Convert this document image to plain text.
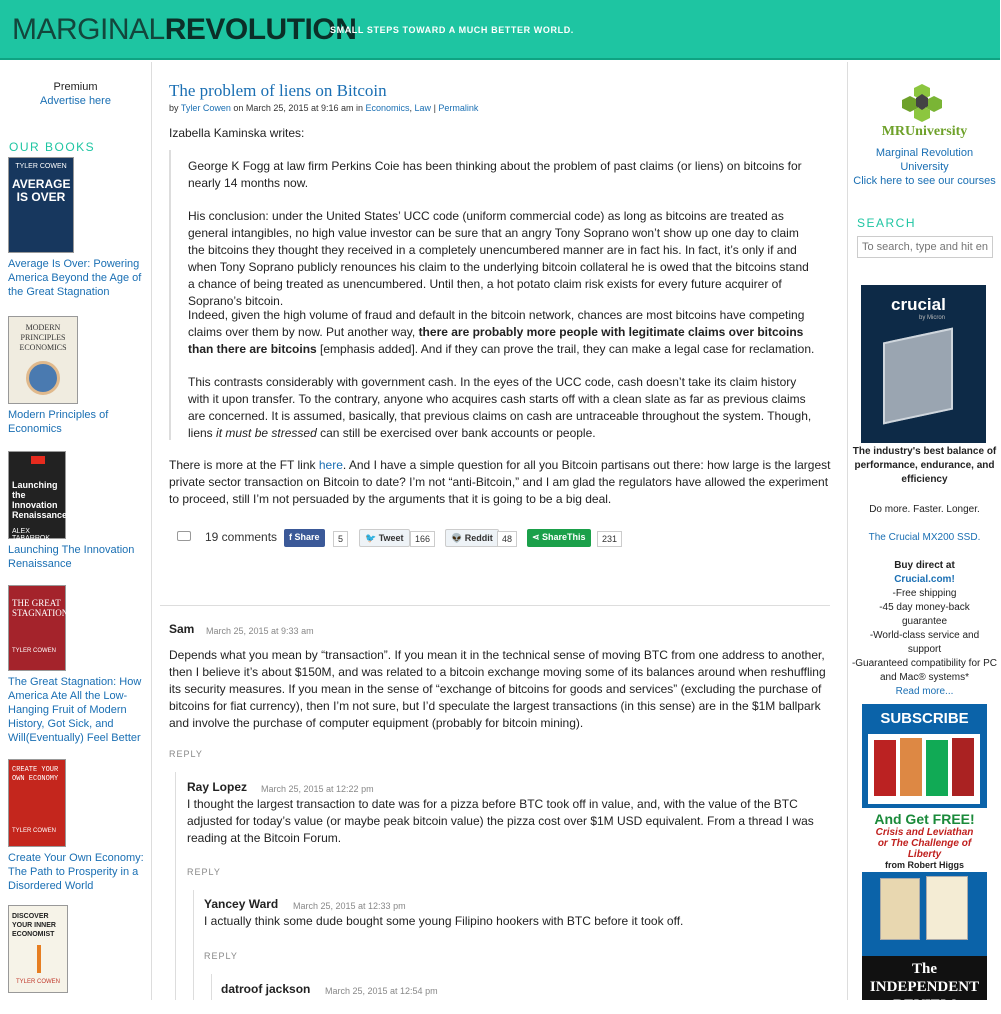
MARGINALREVOLUTION
SMALL STEPS TOWARD A MUCH BETTER WORLD.
Premium
Advertise here
OUR BOOKS
TYLER COWEN
AVERAGE IS OVER
Average Is Over: Powering America Beyond the Age of the Great Stagnation
MODERN PRINCIPLES ECONOMICS
Modern Principles of Economics
Launching the Innovation Renaissance
ALEX TABARROK
Launching The Innovation Renaissance
THE GREAT STAGNATION
TYLER COWEN
The Great Stagnation: How America Ate All the Low-Hanging Fruit of Modern History, Got Sick, and Will(Eventually) Feel Better
CREATE YOUR OWN ECONOMY
TYLER COWEN
Create Your Own Economy: The Path to Prosperity in a Disordered World
DISCOVER YOUR INNER ECONOMIST
TYLER COWEN
The problem of liens on Bitcoin
by Tyler Cowen on March 25, 2015 at 9:16 am in Economics, Law | Permalink
Izabella Kaminska writes:
George K Fogg at law firm Perkins Coie has been thinking about the problem of past claims (or liens) on bitcoins for nearly 14 months now.
His conclusion: under the United States’ UCC code (uniform commercial code) as long as bitcoins are treated as general intangibles, no high value investor can be sure that an angry Tony Soprano won’t show up one day to claim the bitcoins they thought they received in a completely unencumbered manner are in fact his. In fact, it’s only if and when Tony Soprano publicly renounces his claim to the underlying bitcoin collateral he is owed that the bitcoins stand a chance of being treated as unencumbered. Until then, a hot potato claim risk exists for every future acquirer of Soprano’s bitcoin.
Indeed, given the high volume of fraud and default in the bitcoin network, chances are most bitcoins have competing claims over them by now. Put another way, there are probably more people with legitimate claims over bitcoins than there are bitcoins [emphasis added]. And if they can prove the trail, they can make a legal case for reclamation.
This contrasts considerably with government cash. In the eyes of the UCC code, cash doesn’t take its claim history with it upon transfer. To the contrary, anyone who acquires cash starts off with a clean slate as far as previous claims are concerned. It is assumed, basically, that previous claims on cash are untraceable throughout the system. Though, liens it must be stressed can still be exercised over bank accounts or people.
There is more at the FT link here. And I have a simple question for all you Bitcoin partisans out there: how large is the largest private sector transaction on Bitcoin to date? I’m not “anti-Bitcoin,” and I am glad the regulators have allowed the experiment to proceed, still I’m not persuaded by the arguments that it is going to be a big deal.
19 comments	f Share	5	🐦 Tweet	166	👽 Reddit	48	⋖ ShareThis	231
Sam March 25, 2015 at 9:33 am
Depends what you mean by “transaction”. If you mean it in the technical sense of moving BTC from one address to another, then I believe it’s about $150M, and was related to a bitcoin exchange moving some of its balances around when reshuffling its security measures. If you mean in the sense of “exchange of bitcoins for goods and services” (excluding the purchase of bitcoins for fiat currency), then I’m not sure, but I’d speculate the largest transactions (in this sense) are in the $1M ballpark and involve the purchase of computer equipment (probably for bitcoin mining).
REPLY
Ray Lopez March 25, 2015 at 12:22 pm
I thought the largest transaction to date was for a pizza before BTC took off in value, and, with the value of the BTC adjusted for today’s value (or maybe peak bitcoin value) the pizza cost over $1M USD equivalent. From a thread I was reading at the Bitcoin Forum.
REPLY
Yancey Ward March 25, 2015 at 12:33 pm
I actually think some dude bought some young Filipino hookers with BTC before it took off.
REPLY
datroof jackson March 25, 2015 at 12:54 pm
MRUniversity
Marginal Revolution
University
Click here to see our courses
SEARCH
To search, type and hit enter
crucial
by Micron
The industry's best balance of performance, endurance, and efficiency
Do more. Faster. Longer.
The Crucial MX200 SSD.
Buy direct at
Crucial.com!
-Free shipping
-45 day money-back guarantee
-World-class service and support
-Guaranteed compatibility for PC and Mac® systems*
Read more...
SUBSCRIBE
And Get FREE!
Crisis and Leviathan
or The Challenge of Liberty
from Robert Higgs
The INDEPENDENT REVIEW
